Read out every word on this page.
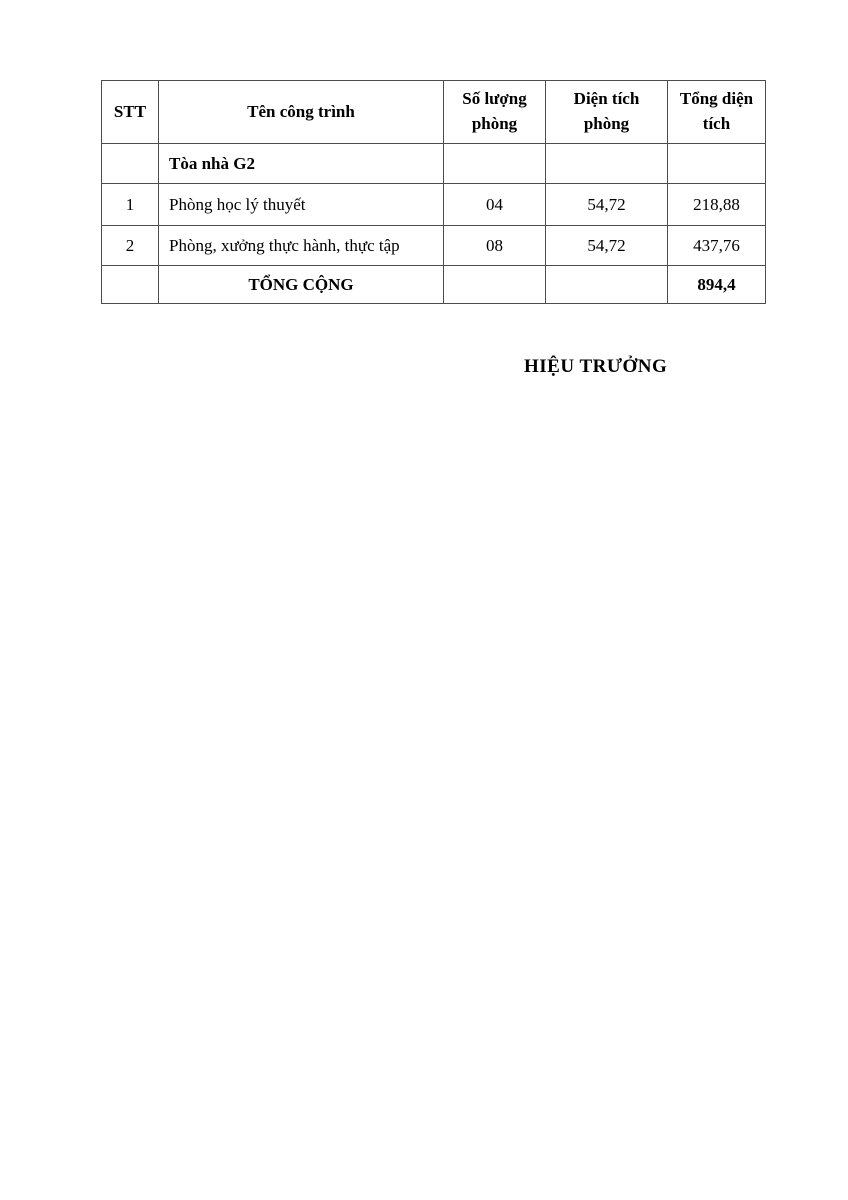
STT	Tên công trình	Số lượng phòng	Diện tích phòng	Tổng diện tích
	Tòa nhà G2			
1	Phòng học lý thuyết	04	54,72	218,88
2	Phòng, xưởng thực hành, thực tập	08	54,72	437,76
	TỔNG CỘNG			894,4
HIỆU TRƯỞNG
